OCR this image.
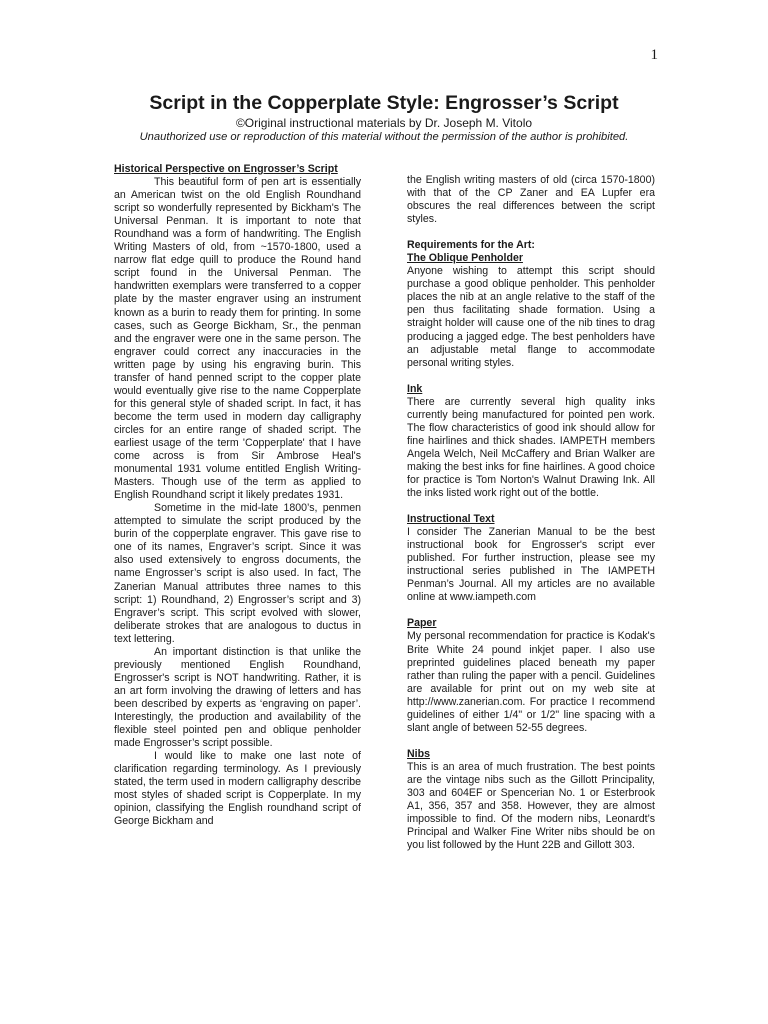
1
Script in the Copperplate Style: Engrosser’s Script
©Original instructional materials by Dr. Joseph M. Vitolo
Unauthorized use or reproduction of this material without the permission of the author is prohibited.

Historical Perspective on Engrosser’s Script

This beautiful form of pen art is essentially an American twist on the old English Roundhand script so wonderfully represented by Bickham's The Universal Penman. It is important to note that Roundhand was a form of handwriting. The English Writing Masters of old, from ~1570-1800, used a narrow flat edge quill to produce the Round hand script found in the Universal Penman. The handwritten exemplars were transferred to a copper plate by the master engraver using an instrument known as a burin to ready them for printing. In some cases, such as George Bickham, Sr., the penman and the engraver were one in the same person. The engraver could correct any inaccuracies in the written page by using his engraving burin. This transfer of hand penned script to the copper plate would eventually give rise to the name Copperplate for this general style of shaded script. In fact, it has become the term used in modern day calligraphy circles for an entire range of shaded script. The earliest usage of the term 'Copperplate' that I have come across is from Sir Ambrose Heal's monumental 1931 volume entitled English Writing-Masters. Though use of the term as applied to English Roundhand script it likely predates 1931.

Sometime in the mid-late 1800’s, penmen attempted to simulate the script produced by the burin of the copperplate engraver. This gave rise to one of its names, Engraver’s script. Since it was also used extensively to engross documents, the name Engrosser’s script is also used. In fact, The Zanerian Manual attributes three names to this script: 1) Roundhand, 2) Engrosser’s script and 3) Engraver’s script. This script evolved with slower, deliberate strokes that are analogous to ductus in text lettering.

An important distinction is that unlike the previously mentioned English Roundhand, Engrosser's script is NOT handwriting. Rather, it is an art form involving the drawing of letters and has been described by experts as ‘engraving on paper’. Interestingly, the production and availability of the flexible steel pointed pen and oblique penholder made Engrosser’s script possible.

I would like to make one last note of clarification regarding terminology. As I previously stated, the term used in modern calligraphy describe most styles of shaded script is Copperplate. In my opinion, classifying the English roundhand script of George Bickham and

the English writing masters of old (circa 1570-1800) with that of the CP Zaner and EA Lupfer era obscures the real differences between the script styles.

Requirements for the Art:

The Oblique Penholder

Anyone wishing to attempt this script should purchase a good oblique penholder. This penholder places the nib at an angle relative to the staff of the pen thus facilitating shade formation. Using a straight holder will cause one of the nib tines to drag producing a jagged edge. The best penholders have an adjustable metal flange to accommodate personal writing styles.

Ink

There are currently several high quality inks currently being manufactured for pointed pen work. The flow characteristics of good ink should allow for fine hairlines and thick shades. IAMPETH members Angela Welch, Neil McCaffery and Brian Walker are making the best inks for fine hairlines. A good choice for practice is Tom Norton's Walnut Drawing Ink. All the inks listed work right out of the bottle.

Instructional Text

I consider The Zanerian Manual to be the best instructional book for Engrosser's script ever published. For further instruction, please see my instructional series published in The IAMPETH Penman’s Journal. All my articles are no available online at www.iampeth.com

Paper

My personal recommendation for practice is Kodak's Brite White 24 pound inkjet paper. I also use preprinted guidelines placed beneath my paper rather than ruling the paper with a pencil. Guidelines are available for print out on my web site at http://www.zanerian.com. For practice I recommend guidelines of either 1/4" or 1/2" line spacing with a slant angle of between 52-55 degrees.

Nibs

This is an area of much frustration. The best points are the vintage nibs such as the Gillott Principality, 303 and 604EF or Spencerian No. 1 or Esterbrook A1, 356, 357 and 358. However, they are almost impossible to find. Of the modern nibs, Leonardt’s Principal and Walker Fine Writer nibs should be on you list followed by the Hunt 22B and Gillott 303.
